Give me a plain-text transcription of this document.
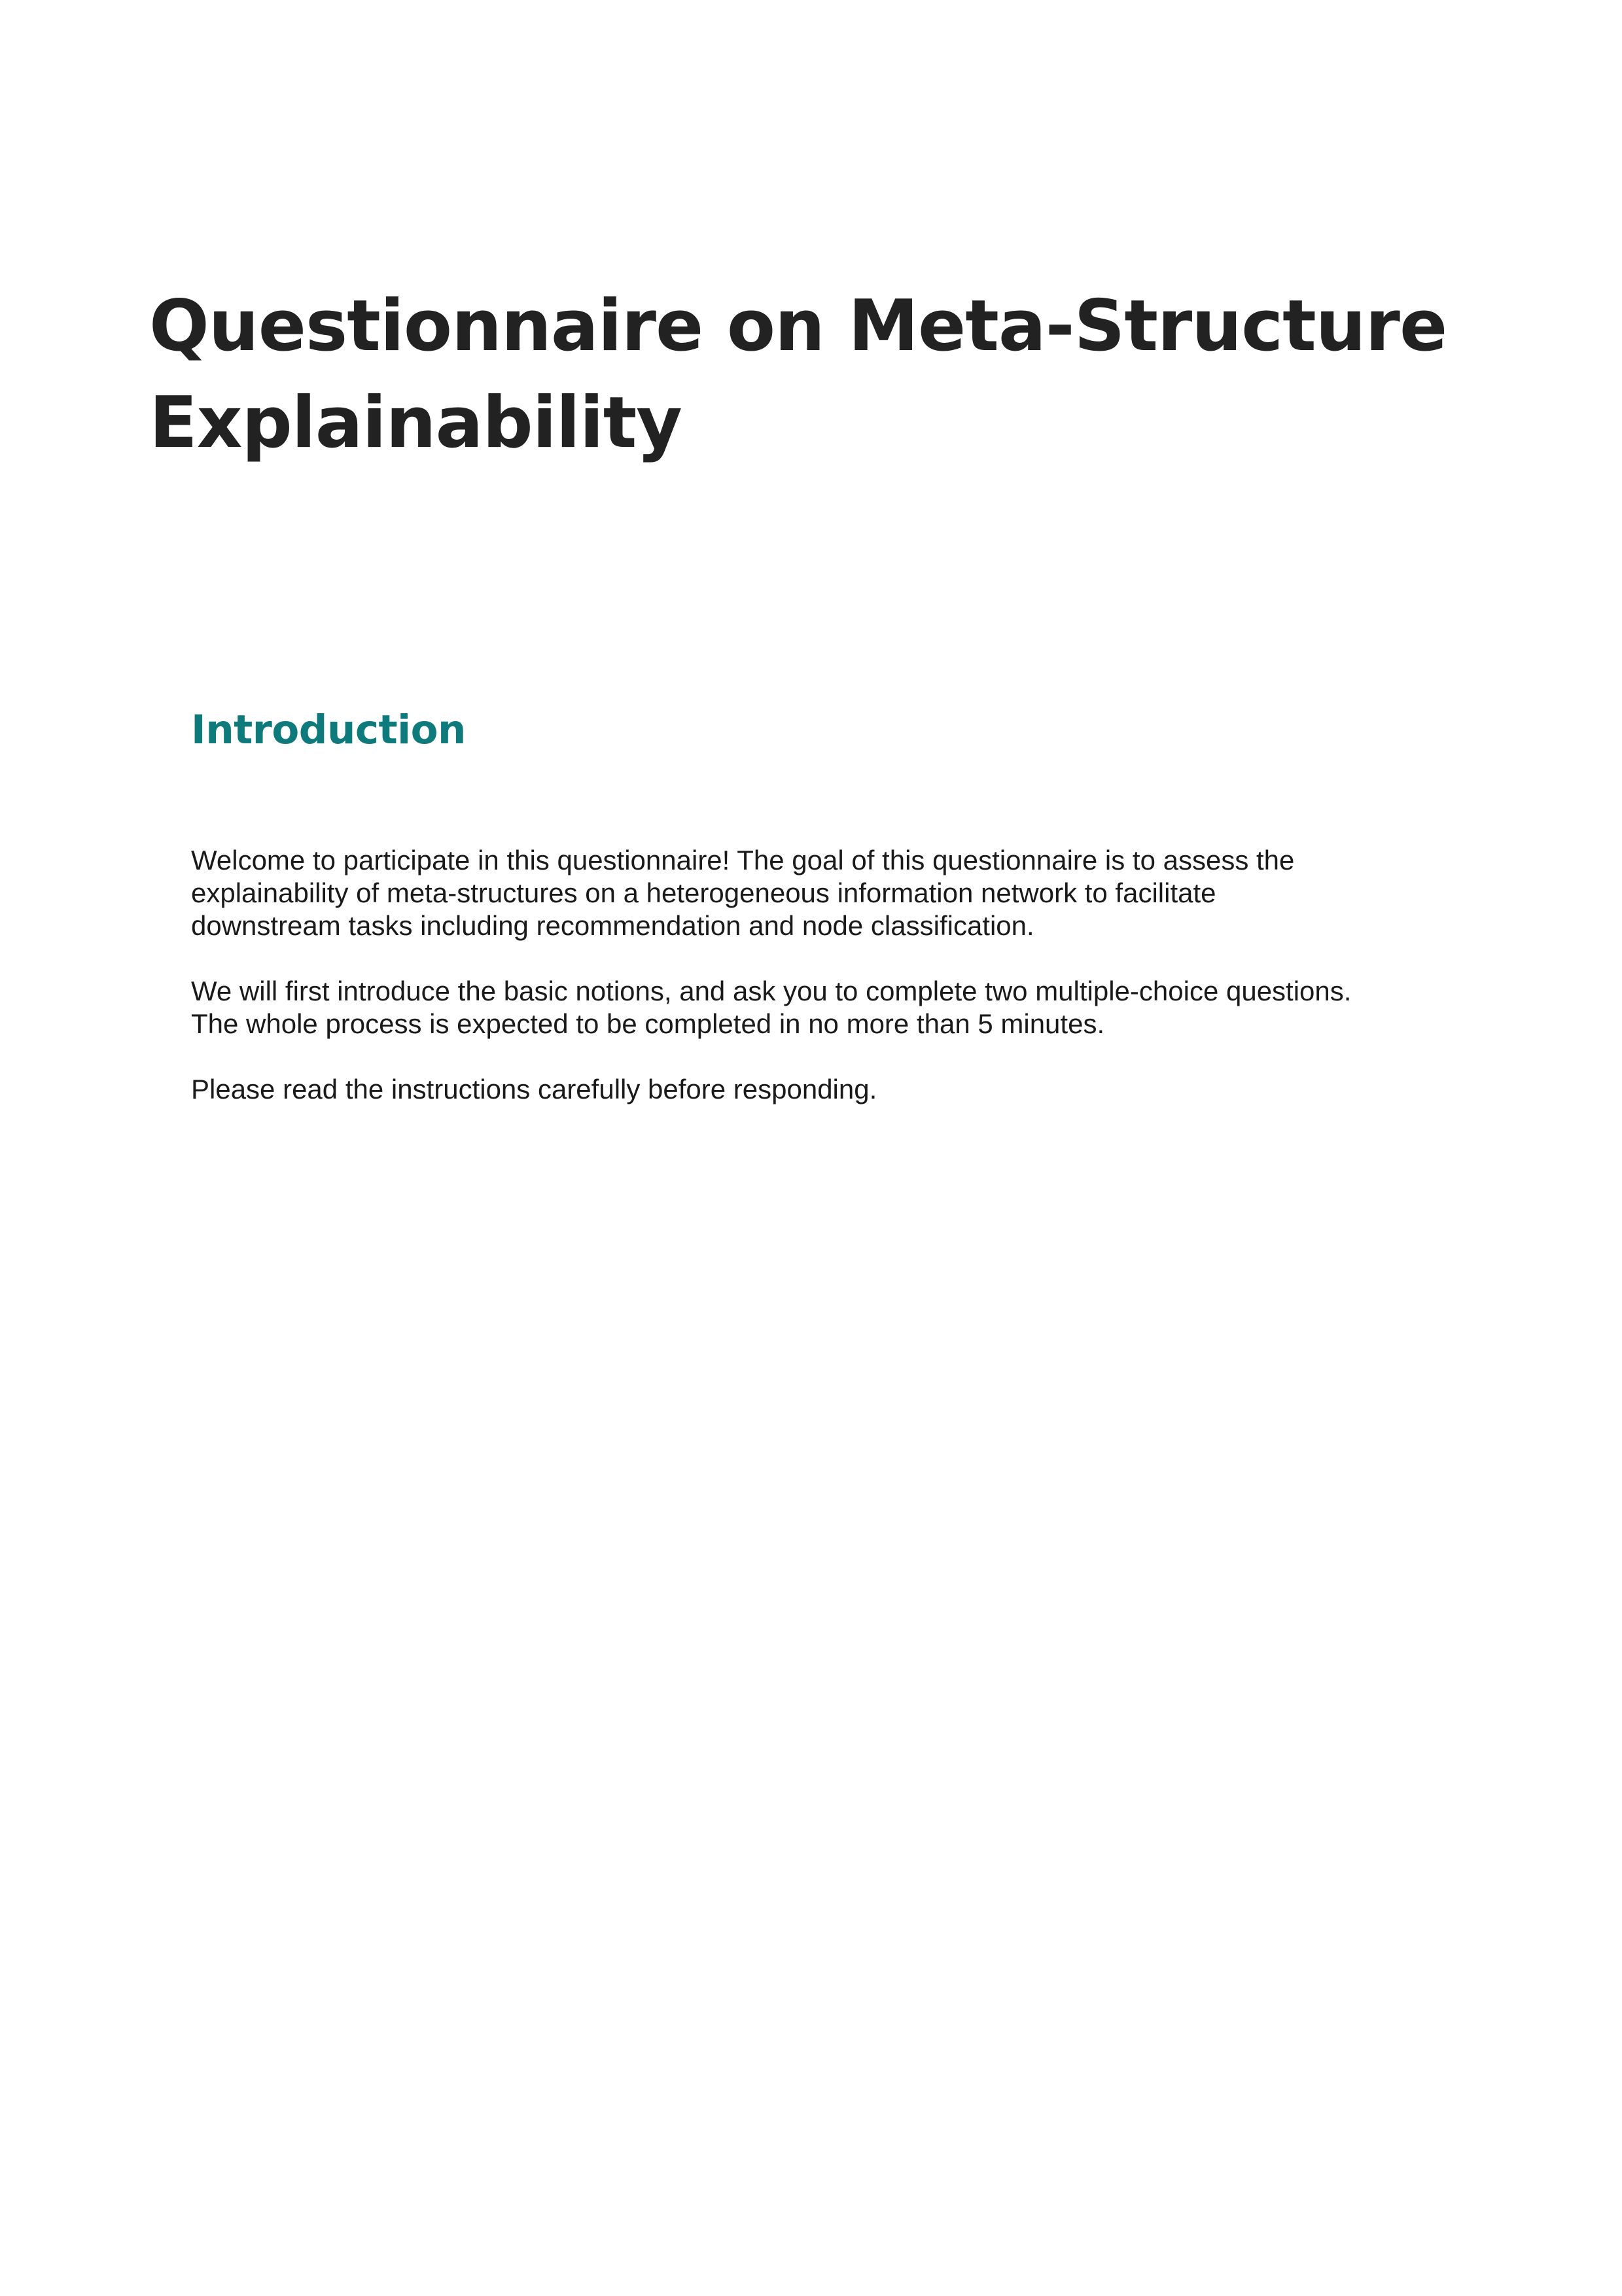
Questionnaire on Meta-Structure
Explainability
Introduction

Welcome to participate in this questionnaire! The goal of this questionnaire is to assess the
explainability of meta-structures on a heterogeneous information network to facilitate
downstream tasks including recommendation and node classification.

We will first introduce the basic notions, and ask you to complete two multiple-choice questions.
The whole process is expected to be completed in no more than 5 minutes.

Please read the instructions carefully before responding.
